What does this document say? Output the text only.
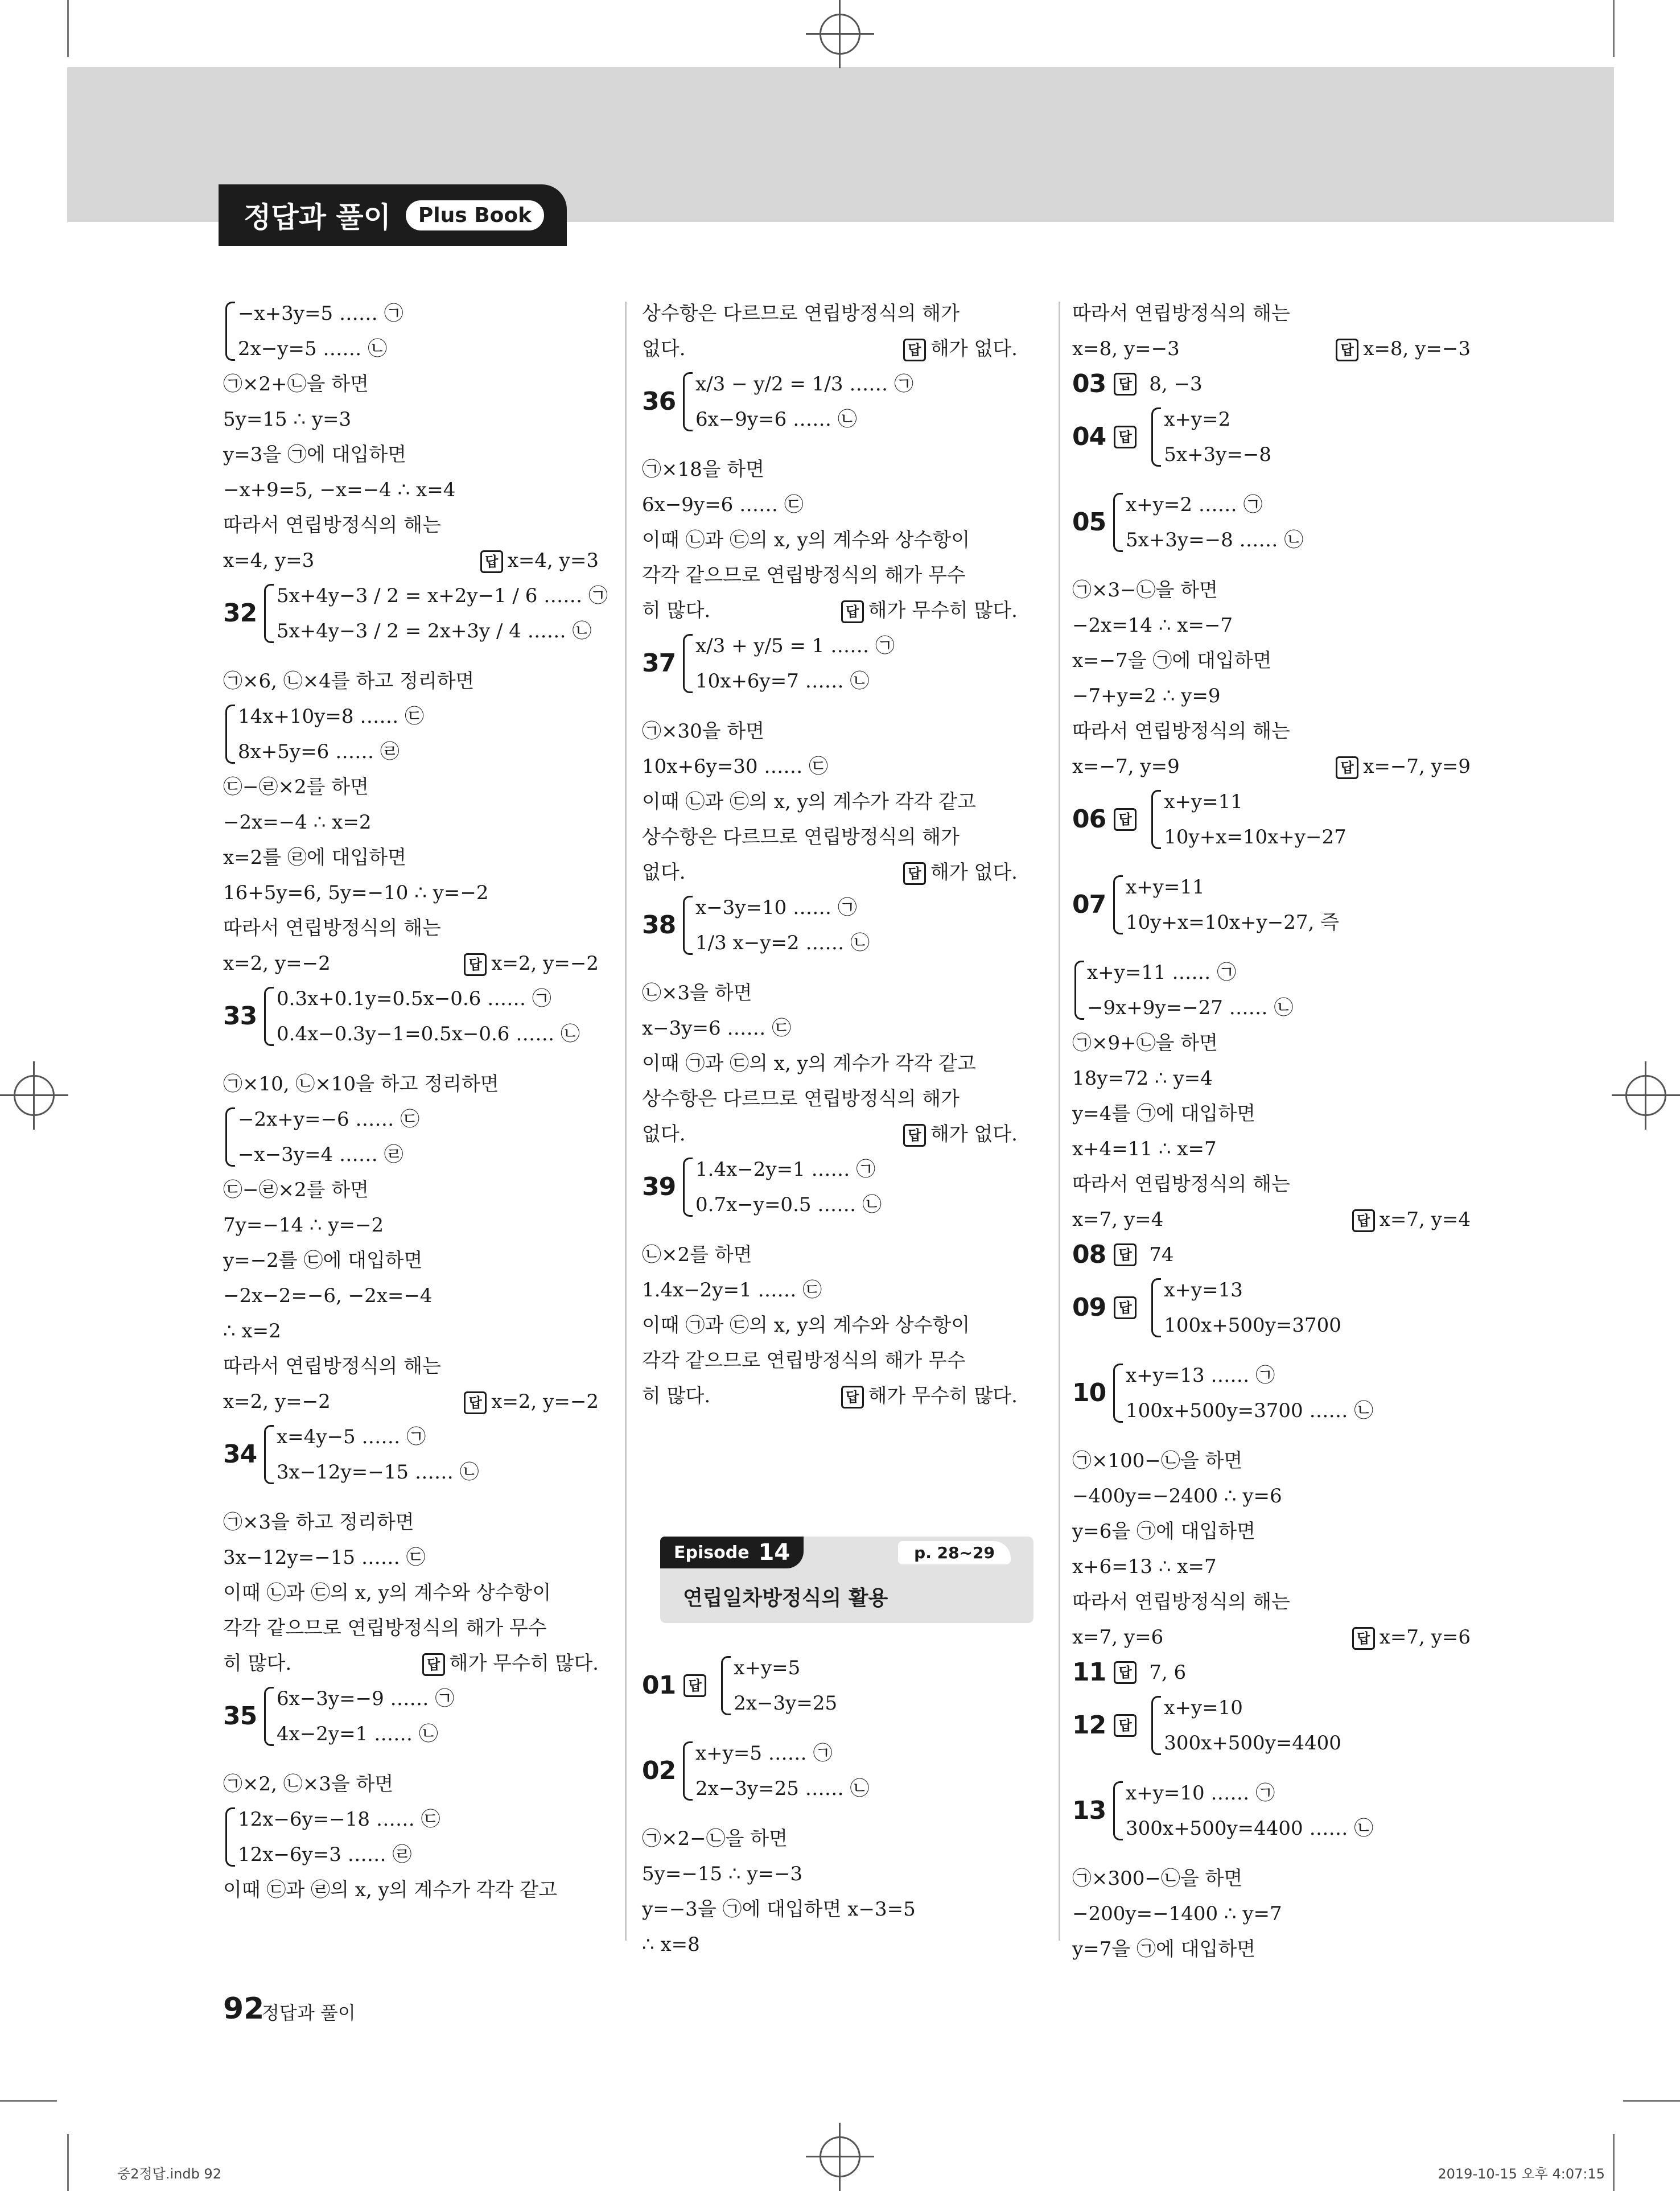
정답과 풀이	Plus Book
−x+3y=5 …… ㉠
2x−y=5 …… ㉡
㉠×2+㉡을 하면
5y=15 ∴ y=3
y=3을 ㉠에 대입하면
−x+9=5, −x=−4 ∴ x=4
따라서 연립방정식의 해는
x=4, y=3	답 x=4, y=3
32
5x+4y−3 / 2 = x+2y−1 / 6 …… ㉠
5x+4y−3 / 2 = 2x+3y / 4 …… ㉡
㉠×6, ㉡×4를 하고 정리하면
14x+10y=8 …… ㉢
8x+5y=6 …… ㉣
㉢−㉣×2를 하면
−2x=−4 ∴ x=2
x=2를 ㉣에 대입하면
16+5y=6, 5y=−10 ∴ y=−2
따라서 연립방정식의 해는
x=2, y=−2	답 x=2, y=−2
33
0.3x+0.1y=0.5x−0.6 …… ㉠
0.4x−0.3y−1=0.5x−0.6 …… ㉡
㉠×10, ㉡×10을 하고 정리하면
−2x+y=−6 …… ㉢
−x−3y=4 …… ㉣
㉢−㉣×2를 하면
7y=−14 ∴ y=−2
y=−2를 ㉢에 대입하면
−2x−2=−6, −2x=−4
∴ x=2
따라서 연립방정식의 해는
x=2, y=−2	답 x=2, y=−2
34
x=4y−5 …… ㉠
3x−12y=−15 …… ㉡
㉠×3을 하고 정리하면
3x−12y=−15 …… ㉢
이때 ㉡과 ㉢의 x, y의 계수와 상수항이
각각 같으므로 연립방정식의 해가 무수
히 많다.	답 해가 무수히 많다.
35
6x−3y=−9 …… ㉠
4x−2y=1 …… ㉡
㉠×2, ㉡×3을 하면
12x−6y=−18 …… ㉢
12x−6y=3 …… ㉣
이때 ㉢과 ㉣의 x, y의 계수가 각각 같고
상수항은 다르므로 연립방정식의 해가
없다.	답 해가 없다.
36
x/3 − y/2 = 1/3 …… ㉠
6x−9y=6 …… ㉡
㉠×18을 하면
6x−9y=6 …… ㉢
이때 ㉡과 ㉢의 x, y의 계수와 상수항이
각각 같으므로 연립방정식의 해가 무수
히 많다.	답 해가 무수히 많다.
37
x/3 + y/5 = 1 …… ㉠
10x+6y=7 …… ㉡
㉠×30을 하면
10x+6y=30 …… ㉢
이때 ㉡과 ㉢의 x, y의 계수가 각각 같고
상수항은 다르므로 연립방정식의 해가
없다.	답 해가 없다.
38
x−3y=10 …… ㉠
1/3 x−y=2 …… ㉡
㉡×3을 하면
x−3y=6 …… ㉢
이때 ㉠과 ㉢의 x, y의 계수가 각각 같고
상수항은 다르므로 연립방정식의 해가
없다.	답 해가 없다.
39
1.4x−2y=1 …… ㉠
0.7x−y=0.5 …… ㉡
㉡×2를 하면
1.4x−2y=1 …… ㉢
이때 ㉠과 ㉢의 x, y의 계수와 상수항이
각각 같으므로 연립방정식의 해가 무수
히 많다.	답 해가 무수히 많다.
01 답
x+y=5
2x−3y=25
02
x+y=5 …… ㉠
2x−3y=25 …… ㉡
㉠×2−㉡을 하면
5y=−15 ∴ y=−3
y=−3을 ㉠에 대입하면 x−3=5
∴ x=8
따라서 연립방정식의 해는
x=8, y=−3	답 x=8, y=−3
03 답 8, −3
04 답
x+y=2
5x+3y=−8
05
x+y=2 …… ㉠
5x+3y=−8 …… ㉡
㉠×3−㉡을 하면
−2x=14 ∴ x=−7
x=−7을 ㉠에 대입하면
−7+y=2 ∴ y=9
따라서 연립방정식의 해는
x=−7, y=9	답 x=−7, y=9
06 답
x+y=11
10y+x=10x+y−27
07
x+y=11
10y+x=10x+y−27, 즉
x+y=11 …… ㉠
−9x+9y=−27 …… ㉡
㉠×9+㉡을 하면
18y=72 ∴ y=4
y=4를 ㉠에 대입하면
x+4=11 ∴ x=7
따라서 연립방정식의 해는
x=7, y=4	답 x=7, y=4
08 답 74
09 답
x+y=13
100x+500y=3700
10
x+y=13 …… ㉠
100x+500y=3700 …… ㉡
㉠×100−㉡을 하면
−400y=−2400 ∴ y=6
y=6을 ㉠에 대입하면
x+6=13 ∴ x=7
따라서 연립방정식의 해는
x=7, y=6	답 x=7, y=6
11 답 7, 6
12 답
x+y=10
300x+500y=4400
13
x+y=10 …… ㉠
300x+500y=4400 …… ㉡
㉠×300−㉡을 하면
−200y=−1400 ∴ y=7
y=7을 ㉠에 대입하면
Episode 14	p. 28~29
연립일차방정식의 활용
92
정답과 풀이
중2정답.indb 92	2019-10-15 오후 4:07:15
